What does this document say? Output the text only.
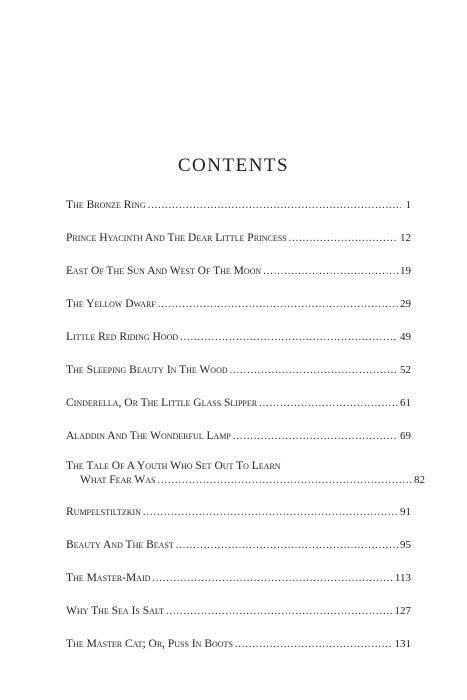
contents
The Bronze Ring .....	1
Prince Hyacinth And The Dear Little Princess .....	12
East Of The Sun And West Of The Moon .....	19
The Yellow Dwarf .....	29
Little Red Riding Hood .....	49
The Sleeping Beauty In The Wood .....	52
Cinderella, Or The Little Glass Slipper .....	61
Aladdin And The Wonderful Lamp .....	69
The Tale Of A Youth Who Set Out To Learn
What Fear Was .....	82
Rumpelstiltzkin .....	91
Beauty And The Beast .....	95
The Master-Maid .....	113
Why The Sea Is Salt .....	127
The Master Cat; Or, Puss In Boots .....	131
